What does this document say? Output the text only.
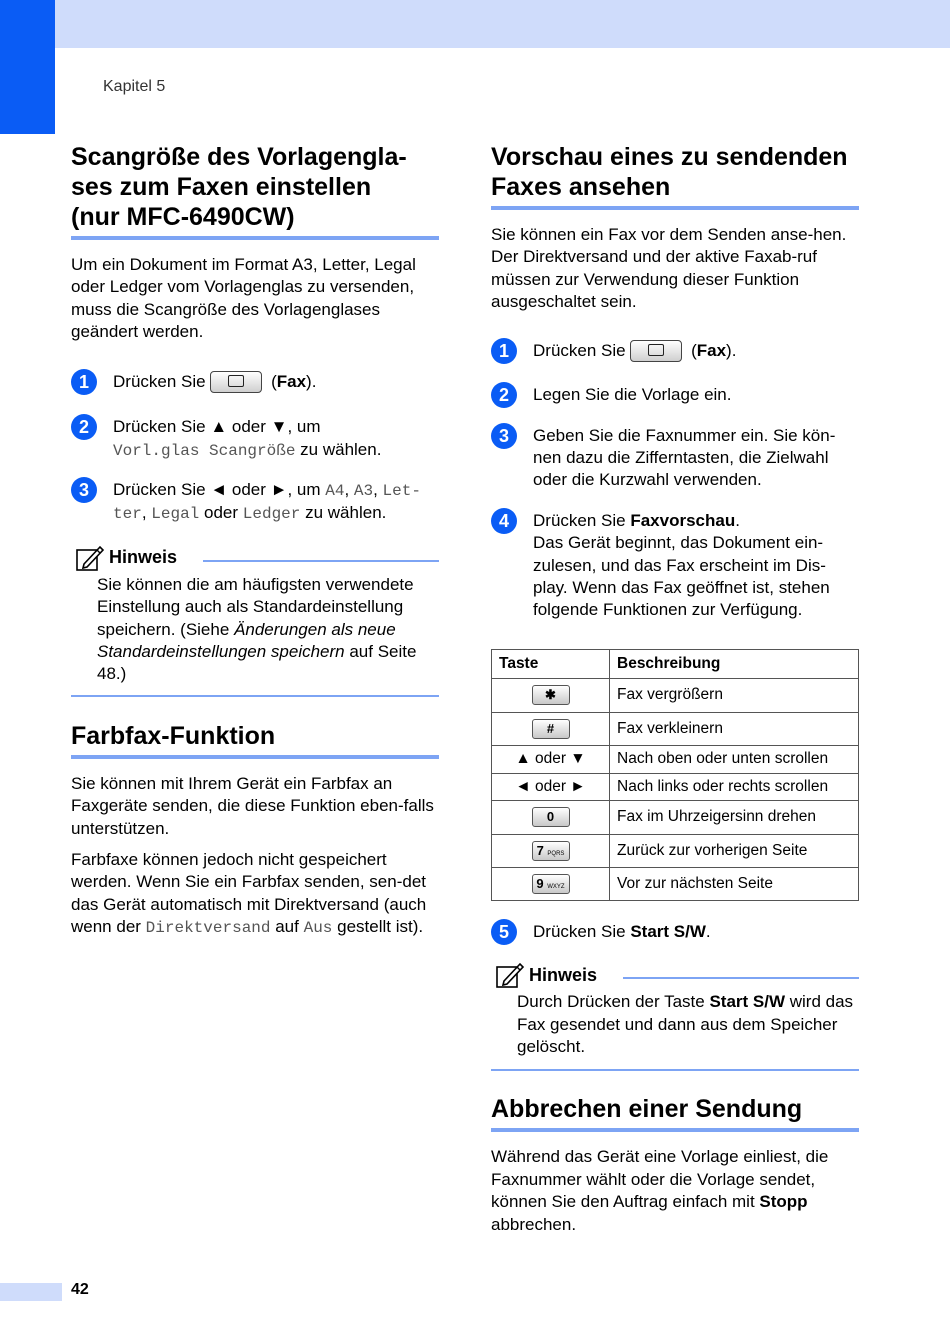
Kapitel 5
Scangröße des Vorlagengla-
ses zum Faxen einstellen
(nur MFC-6490CW)

Um ein Dokument im Format A3, Letter, Legal oder Ledger vom Vorlagenglas zu versenden, muss die Scangröße des Vorlagenglases geändert werden.

1	Drücken Sie	(Fax).
2	Drücken Sie ▲ oder ▼, um
Vorl.glas Scangröße zu wählen.
3	Drücken Sie ◄ oder ►, um A4, A3, Let-ter, Legal oder Ledger zu wählen.
Hinweis
Sie können die am häufigsten verwendete Einstellung auch als Standardeinstellung speichern. (Siehe Änderungen als neue Standardeinstellungen speichern auf Seite 48.)
Farbfax-Funktion

Sie können mit Ihrem Gerät ein Farbfax an Faxgeräte senden, die diese Funktion eben-falls unterstützen.

Farbfaxe können jedoch nicht gespeichert werden. Wenn Sie ein Farbfax senden, sen-det das Gerät automatisch mit Direktversand (auch wenn der Direktversand auf Aus gestellt ist).

Vorschau eines zu sendenden
Faxes ansehen

Sie können ein Fax vor dem Senden anse-hen. Der Direktversand und der aktive Faxab-ruf müssen zur Verwendung dieser Funktion ausgeschaltet sein.

1	Drücken Sie	(Fax).
2	Legen Sie die Vorlage ein.
3	Geben Sie die Faxnummer ein. Sie kön-nen dazu die Zifferntasten, die Zielwahl oder die Kurzwahl verwenden.
4	Drücken Sie Faxvorschau.
Das Gerät beginnt, das Dokument ein-zulesen, und das Fax erscheint im Dis-play. Wenn das Fax geöffnet ist, stehen folgende Funktionen zur Verfügung.
Taste	Beschreibung
✱	Fax vergrößern
#	Fax verkleinern
▲ oder ▼	Nach oben oder unten scrollen
◄ oder ►	Nach links oder rechts scrollen
0	Fax im Uhrzeigersinn drehen
7 PQRS	Zurück zur vorherigen Seite
9 WXYZ	Vor zur nächsten Seite
5	Drücken Sie Start S/W.
Hinweis
Durch Drücken der Taste Start S/W wird das Fax gesendet und dann aus dem Speicher gelöscht.
Abbrechen einer Sendung

Während das Gerät eine Vorlage einliest, die Faxnummer wählt oder die Vorlage sendet, können Sie den Auftrag einfach mit Stopp abbrechen.

42
